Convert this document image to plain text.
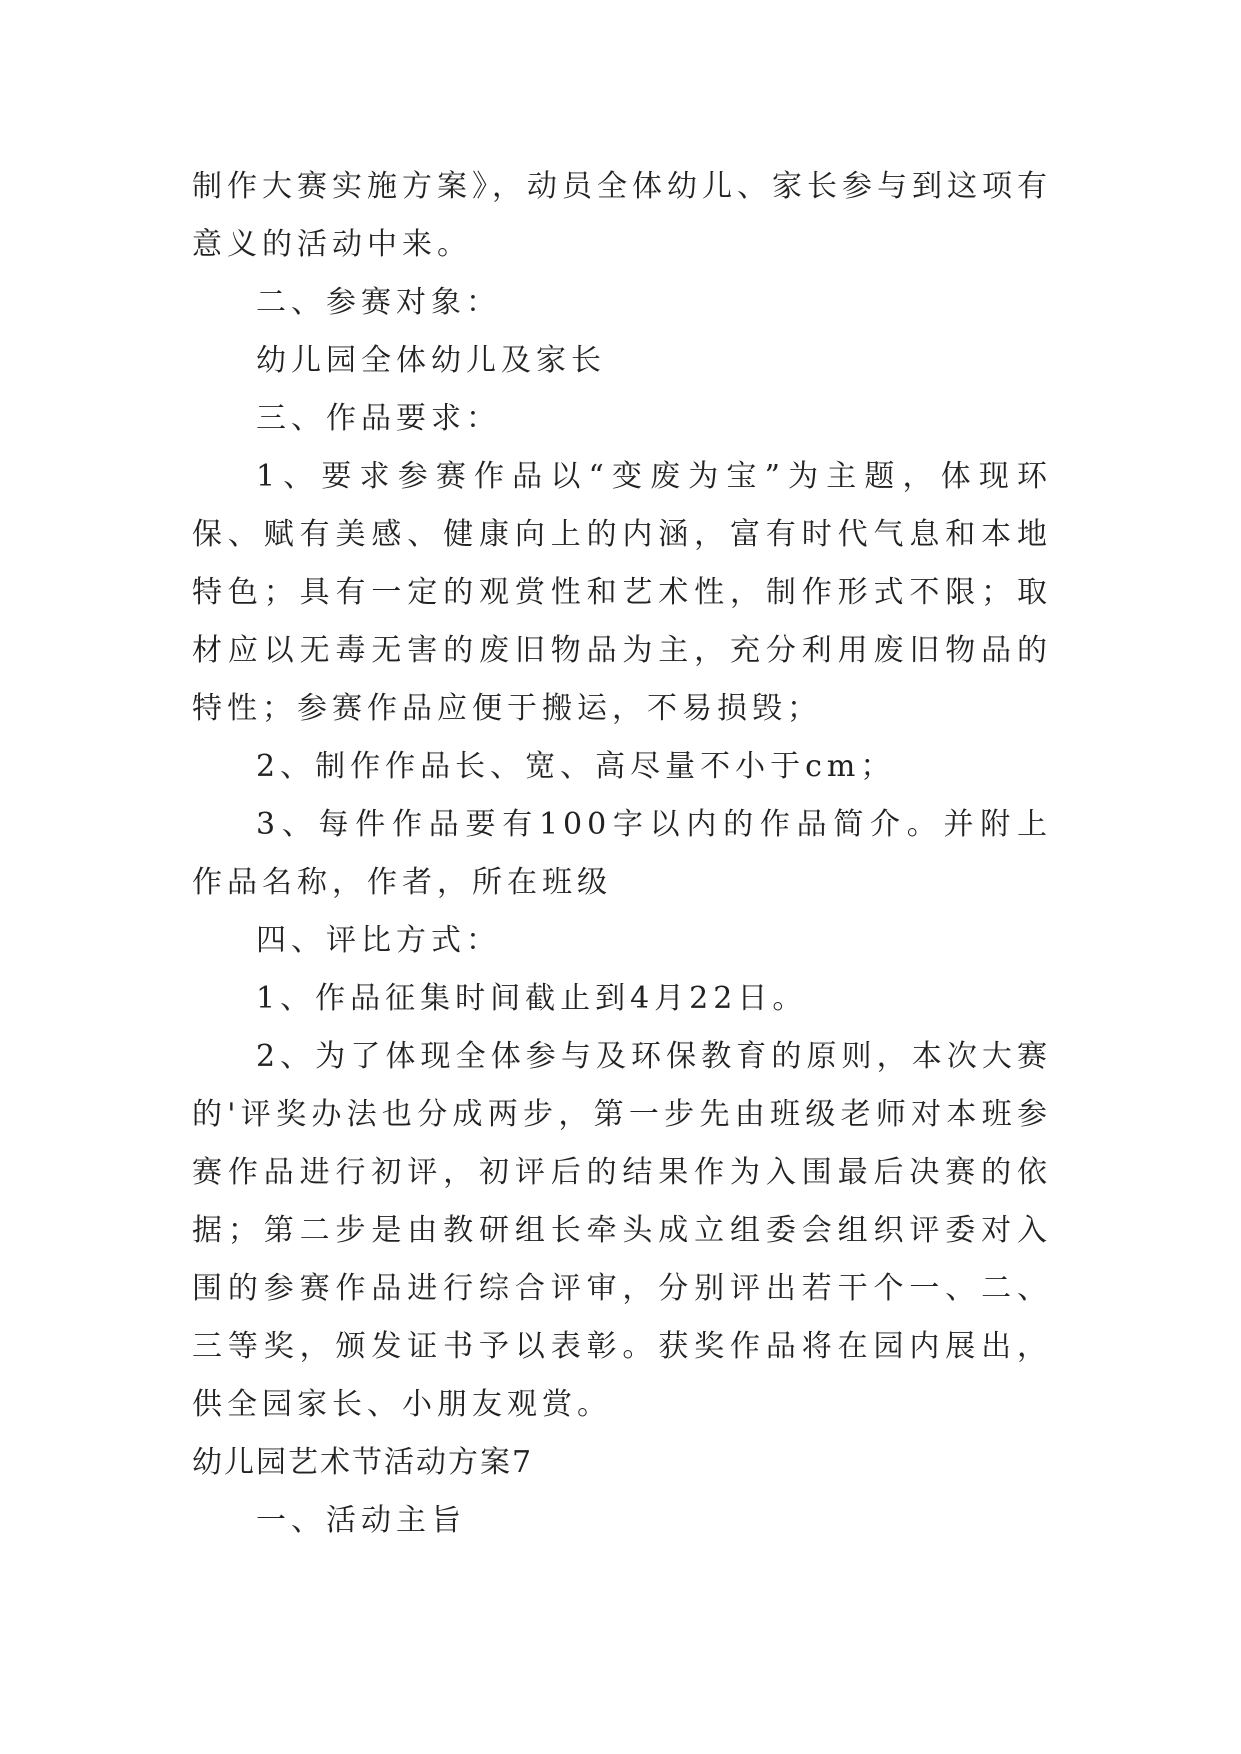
制作大赛实施方案》，动员全体幼儿、家长参与到这项有意义的活动中来。

二、参赛对象：

幼儿园全体幼儿及家长

三、作品要求：

1、要求参赛作品以“变废为宝”为主题，体现环保、赋有美感、健康向上的内涵，富有时代气息和本地特色；具有一定的观赏性和艺术性，制作形式不限；取材应以无毒无害的废旧物品为主，充分利用废旧物品的特性；参赛作品应便于搬运，不易损毁；

2、制作作品长、宽、高尽量不小于cm；

3、每件作品要有100字以内的作品简介。并附上作品名称，作者，所在班级

四、评比方式：

1、作品征集时间截止到4月22日。

2、为了体现全体参与及环保教育的原则，本次大赛的'评奖办法也分成两步，第一步先由班级老师对本班参赛作品进行初评，初评后的结果作为入围最后决赛的依据；第二步是由教研组长牵头成立组委会组织评委对入围的参赛作品进行综合评审，分别评出若干个一、二、三等奖，颁发证书予以表彰。获奖作品将在园内展出，供全园家长、小朋友观赏。

幼儿园艺术节活动方案7

一、活动主旨
